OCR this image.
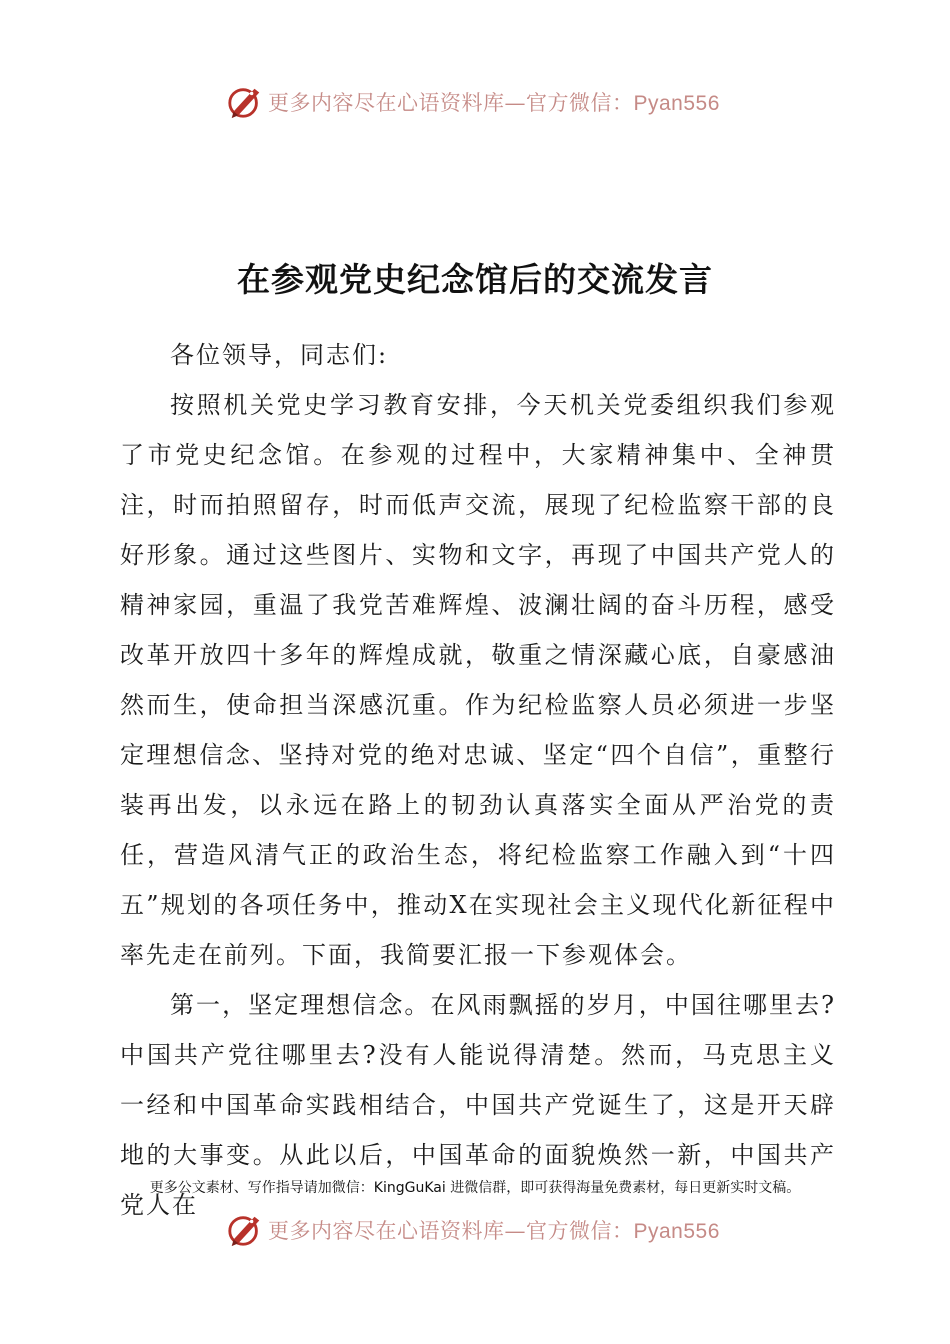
更多内容尽在心语资料库—官方微信：Pyan556
在参观党史纪念馆后的交流发言

各位领导，同志们:

按照机关党史学习教育安排，今天机关党委组织我们参观了市党史纪念馆。在参观的过程中，大家精神集中、全神贯注，时而拍照留存，时而低声交流，展现了纪检监察干部的良好形象。通过这些图片、实物和文字，再现了中国共产党人的精神家园，重温了我党苦难辉煌、波澜壮阔的奋斗历程，感受改革开放四十多年的辉煌成就，敬重之情深藏心底，自豪感油然而生，使命担当深感沉重。作为纪检监察人员必须进一步坚定理想信念、坚持对党的绝对忠诚、坚定“四个自信”，重整行装再出发，以永远在路上的韧劲认真落实全面从严治党的责任，营造风清气正的政治生态，将纪检监察工作融入到“十四五”规划的各项任务中，推动X在实现社会主义现代化新征程中率先走在前列。下面，我简要汇报一下参观体会。

第一，坚定理想信念。在风雨飘摇的岁月，中国往哪里去?中国共产党往哪里去?没有人能说得清楚。然而，马克思主义一经和中国革命实践相结合，中国共产党诞生了，这是开天辟地的大事变。从此以后，中国革命的面貌焕然一新，中国共产党人在

更多公文素材、写作指导请加微信：KingGuKai 进微信群，即可获得海量免费素材，每日更新实时文稿。
更多内容尽在心语资料库—官方微信：Pyan556
